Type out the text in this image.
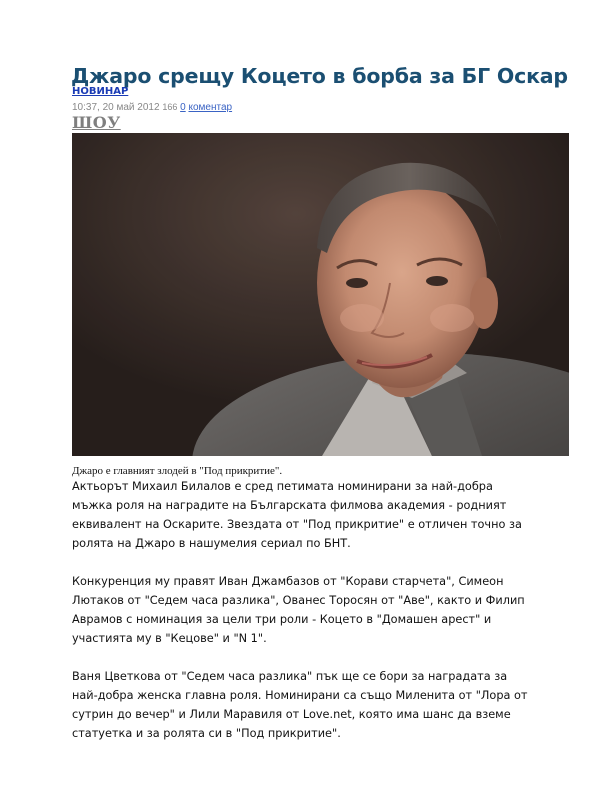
Джаро срещу Коцето в борба за БГ Оскар
НОВИНАР
10:37, 20 май 2012 166 0 коментар
ШОУ
Джаро е главният злодей в "Под прикритие".

Актьорът Михаил Билалов е сред петимата номинирани за най-добра мъжка роля на наградите на Българската филмова академия - родният еквивалент на Оскарите. Звездата от "Под прикритие" е отличен точно за ролята на Джаро в нашумелия сериал по БНТ.

Конкуренция му правят Иван Джамбазов от "Корави старчета", Симеон Лютаков от "Седем часа разлика", Ованес Торосян от "Аве", както и Филип Аврамов с номинация за цели три роли - Коцето в "Домашен арест" и участията му в "Кецове" и "N 1".

Ваня Цветкова от "Седем часа разлика" пък ще се бори за наградата за най-добра женска главна роля. Номинирани са също Миленита от "Лора от сутрин до вечер" и Лили Маравиля от Love.net, която има шанс да вземе статуетка и за ролята си в "Под прикритие".
